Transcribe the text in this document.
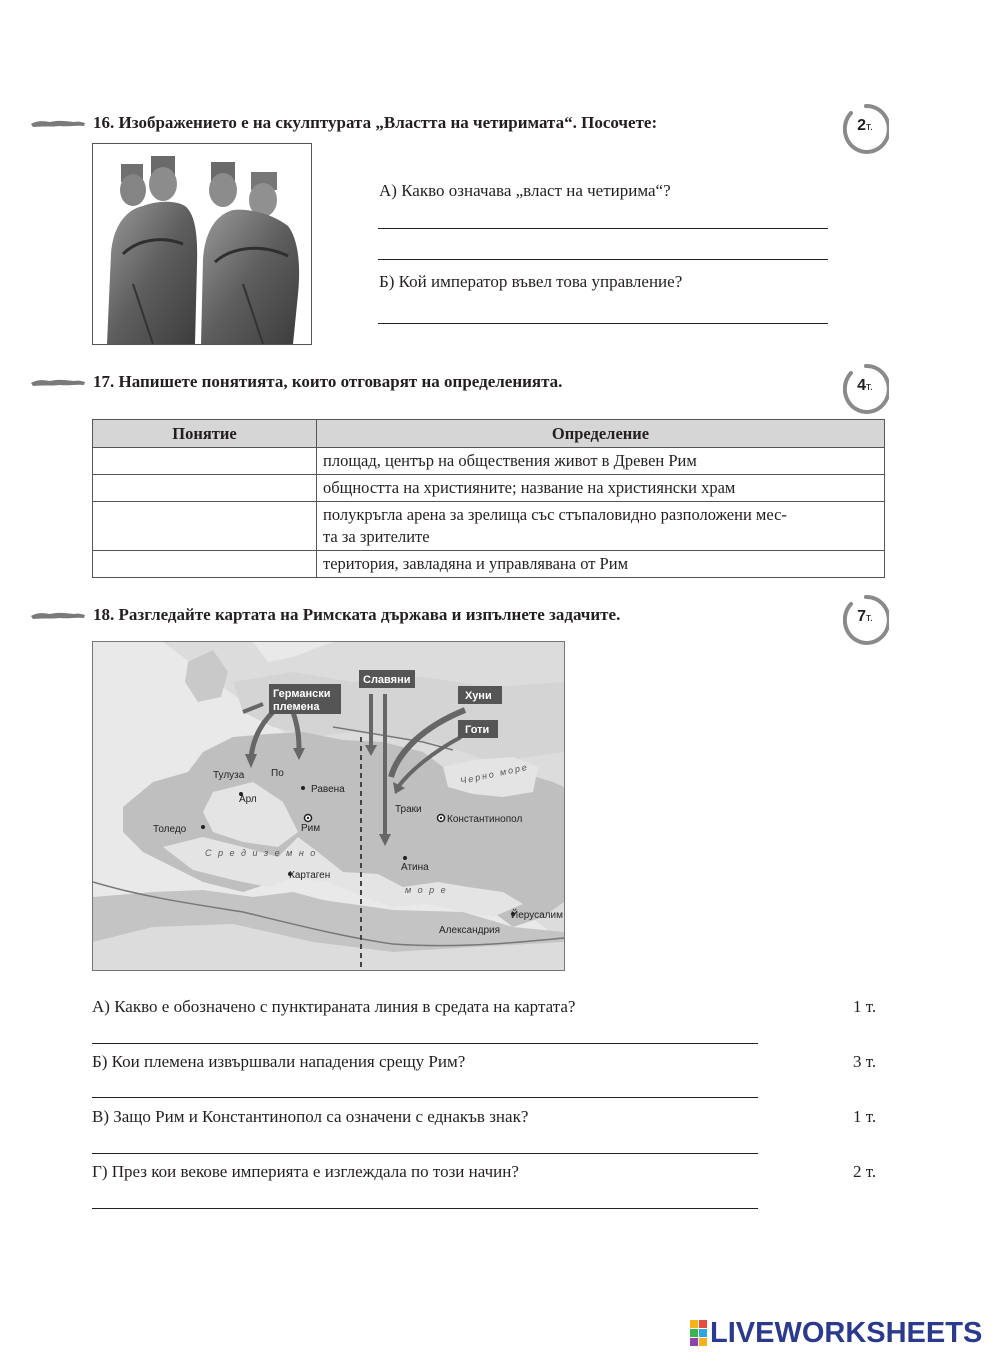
16. Изображението е на скулптурата „Властта на четиримата“. Посочете:	2т.
А) Какво означава „власт на четирима“?
Б) Кой император въвел това управление?
17. Напишете понятията, които отговарят на определенията.	4т.
Понятие	Определение
	площад, център на обществения живот в Древен Рим
	общността на християните; название на християнски храм
	полукръгла арена за зрелища със стъпаловидно разположени мес-
та за зрителите
	територия, завладяна и управлявана от Рим
18. Разгледайте картата на Римската държава и изпълнете задачите.	7т.
Германски
племена
Славяни
Хуни
Готи
Тулуза	По
Арл
Равена
Толедо	Рим
Траки
Константинопол
Картаген
Атина
Йерусалим
Александрия
Черно море
С р е д и з е м н о
м о р е
А) Какво е обозначено с пунктираната линия в средата на картата?	1 т.
Б) Кои племена извършвали нападения срещу Рим?	3 т.
В) Защо Рим и Константинопол са означени с еднакъв знак?	1 т.
Г) През кои векове империята е изглеждала по този начин?	2 т.
LIVEWORKSHEETS
